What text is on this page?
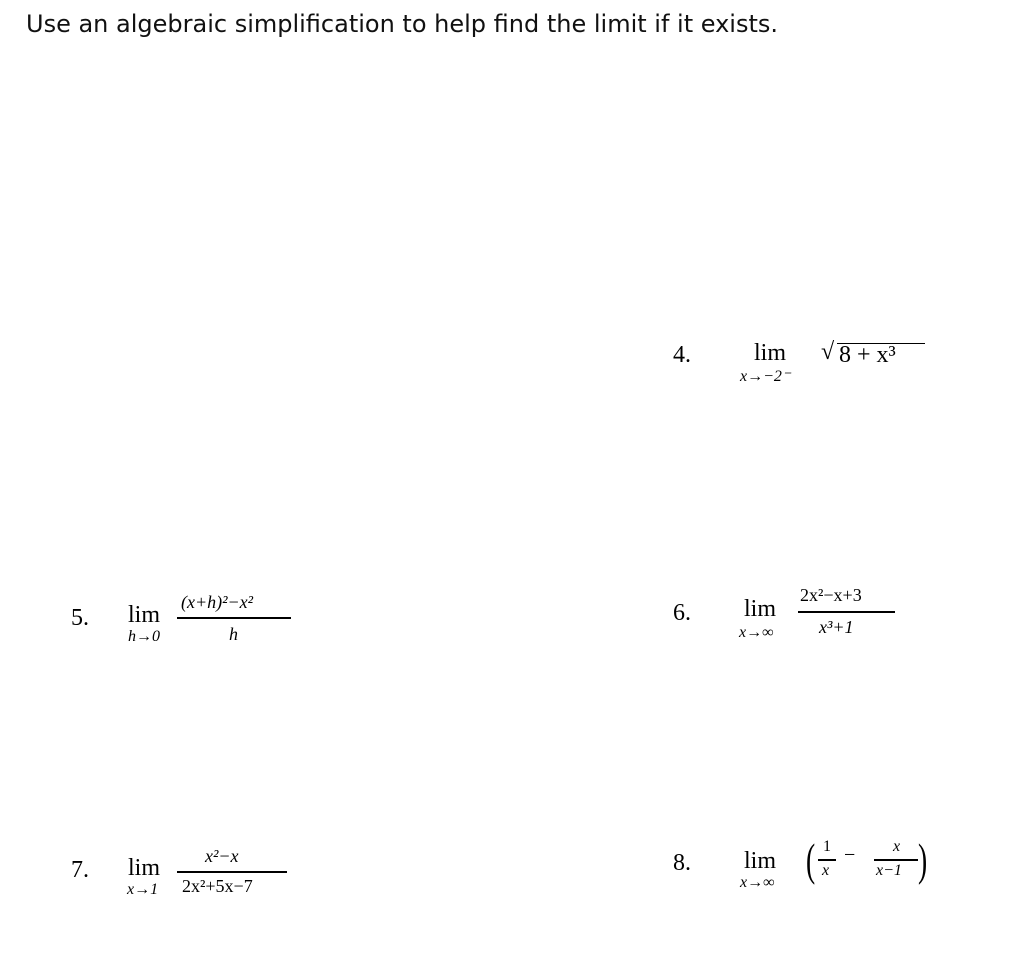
Use an algebraic simplification to help find the limit if it exists.
4.	lim
x→−2⁻
√ 8 + x³
5. lim
h→0
(x+h)²−x²
h
6. lim
x→∞
2x²−x+3
x³+1
7. lim
x→1
x²−x
2x²+5x−7
8. lim
x→∞ ( 1
x
− x
x−1 )
